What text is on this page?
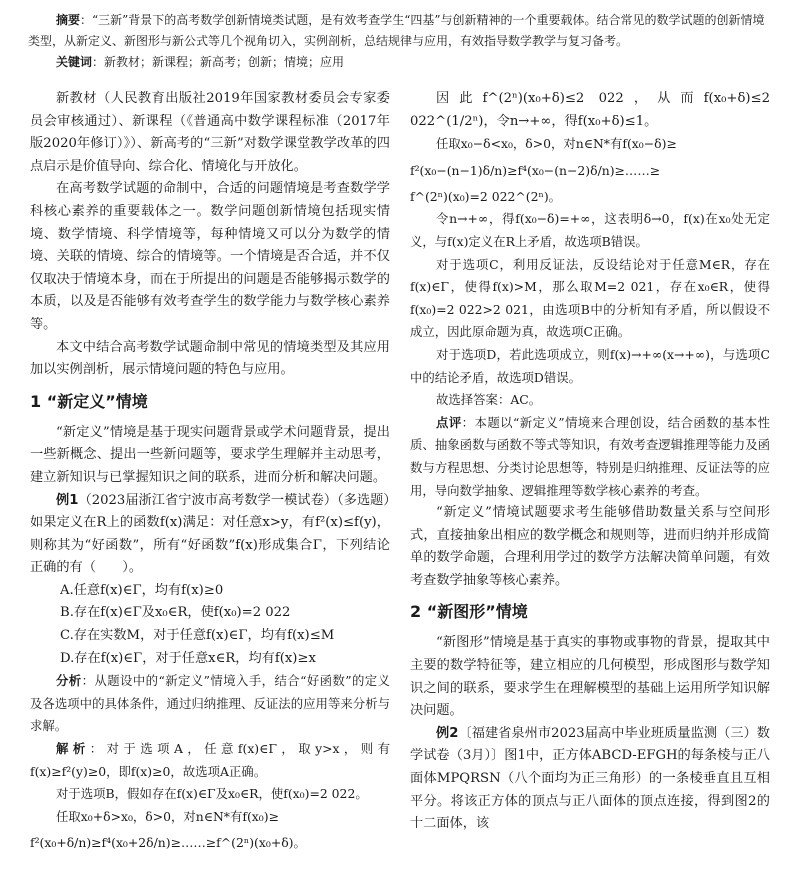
摘要：“三新”背景下的高考数学创新情境类试题，是有效考查学生“四基”与创新精神的一个重要载体。结合常见的数学试题的创新情境类型，从新定义、新图形与新公式等几个视角切入，实例剖析，总结规律与应用，有效指导数学教学与复习备考。

关键词：新教材；新课程；新高考；创新；情境；应用

新教材（人民教育出版社2019年国家教材委员会专家委员会审核通过）、新课程（《普通高中数学课程标准（2017年版2020年修订）》）、新高考的“三新”对数学课堂教学改革的四点启示是价值导向、综合化、情境化与开放化。

在高考数学试题的命制中，合适的问题情境是考查数学学科核心素养的重要载体之一。数学问题创新情境包括现实情境、数学情境、科学情境等，每种情境又可以分为数学的情境、关联的情境、综合的情境等。一个情境是否合适，并不仅仅取决于情境本身，而在于所提出的问题是否能够揭示数学的本质，以及是否能够有效考查学生的数学能力与数学核心素养等。

本文中结合高考数学试题命制中常见的情境类型及其应用加以实例剖析，展示情境问题的特色与应用。

1 “新定义”情境

“新定义”情境是基于现实问题背景或学术问题背景，提出一些新概念、提出一些新问题等，要求学生理解并主动思考，建立新知识与已掌握知识之间的联系，进而分析和解决问题。

例1（2023届浙江省宁波市高考数学一模试卷）（多选题）如果定义在R上的函数f(x)满足：对任意x>y，有f²(x)≤f(y)，则称其为“好函数”，所有“好函数”f(x)形成集合Γ，下列结论正确的有（　　）。

A.任意f(x)∈Γ，均有f(x)≥0

B.存在f(x)∈Γ及x₀∈R，使f(x₀)=2 022

C.存在实数M，对于任意f(x)∈Γ，均有f(x)≤M

D.存在f(x)∈Γ，对于任意x∈R，均有f(x)≥x

分析：从题设中的“新定义”情境入手，结合“好函数”的定义及各选项中的具体条件，通过归纳推理、反证法的应用等来分析与求解。

解析：对于选项A，任意f(x)∈Γ，取y>x，则有f(x)≥f²(y)≥0，即f(x)≥0，故选项A正确。

对于选项B，假如存在f(x)∈Γ及x₀∈R，使f(x₀)=2 022。

任取x₀+δ>x₀，δ>0，对n∈N*有f(x₀)≥

f²(x₀+δ/n)≥f⁴(x₀+2δ/n)≥……≥f^(2ⁿ)(x₀+δ)。

因此f^(2ⁿ)(x₀+δ)≤2 022，从而f(x₀+δ)≤2 022^(1/2ⁿ)，令n→+∞，得f(x₀+δ)≤1。

任取x₀−δ<x₀，δ>0，对n∈N*有f(x₀−δ)≥

f²(x₀−(n−1)δ/n)≥f⁴(x₀−(n−2)δ/n)≥……≥

f^(2ⁿ)(x₀)=2 022^(2ⁿ)。

令n→+∞，得f(x₀−δ)=+∞，这表明δ→0，f(x)在x₀处无定义，与f(x)定义在R上矛盾，故选项B错误。

对于选项C，利用反证法，反设结论对于任意M∈R，存在f(x)∈Γ，使得f(x)>M，那么取M=2 021，存在x₀∈R，使得f(x₀)=2 022>2 021，由选项B中的分析知有矛盾，所以假设不成立，因此原命题为真，故选项C正确。

对于选项D，若此选项成立，则f(x)→+∞(x→+∞)，与选项C中的结论矛盾，故选项D错误。

故选择答案：AC。

点评：本题以“新定义”情境来合理创设，结合函数的基本性质、抽象函数与函数不等式等知识，有效考查逻辑推理等能力及函数与方程思想、分类讨论思想等，特别是归纳推理、反证法等的应用，导向数学抽象、逻辑推理等数学核心素养的考查。

“新定义”情境试题要求考生能够借助数量关系与空间形式，直接抽象出相应的数学概念和规则等，进而归纳并形成简单的数学命题，合理利用学过的数学方法解决简单问题，有效考查数学抽象等核心素养。

2 “新图形”情境

“新图形”情境是基于真实的事物或事物的背景，提取其中主要的数学特征等，建立相应的几何模型，形成图形与数学知识之间的联系，要求学生在理解模型的基础上运用所学知识解决问题。

例2〔福建省泉州市2023届高中毕业班质量监测（三）数学试卷（3月）〕图1中，正方体ABCD-EFGH的每条棱与正八面体MPQRSN（八个面均为正三角形）的一条棱垂直且互相平分。将该正方体的顶点与正八面体的顶点连接，得到图2的十二面体，该
